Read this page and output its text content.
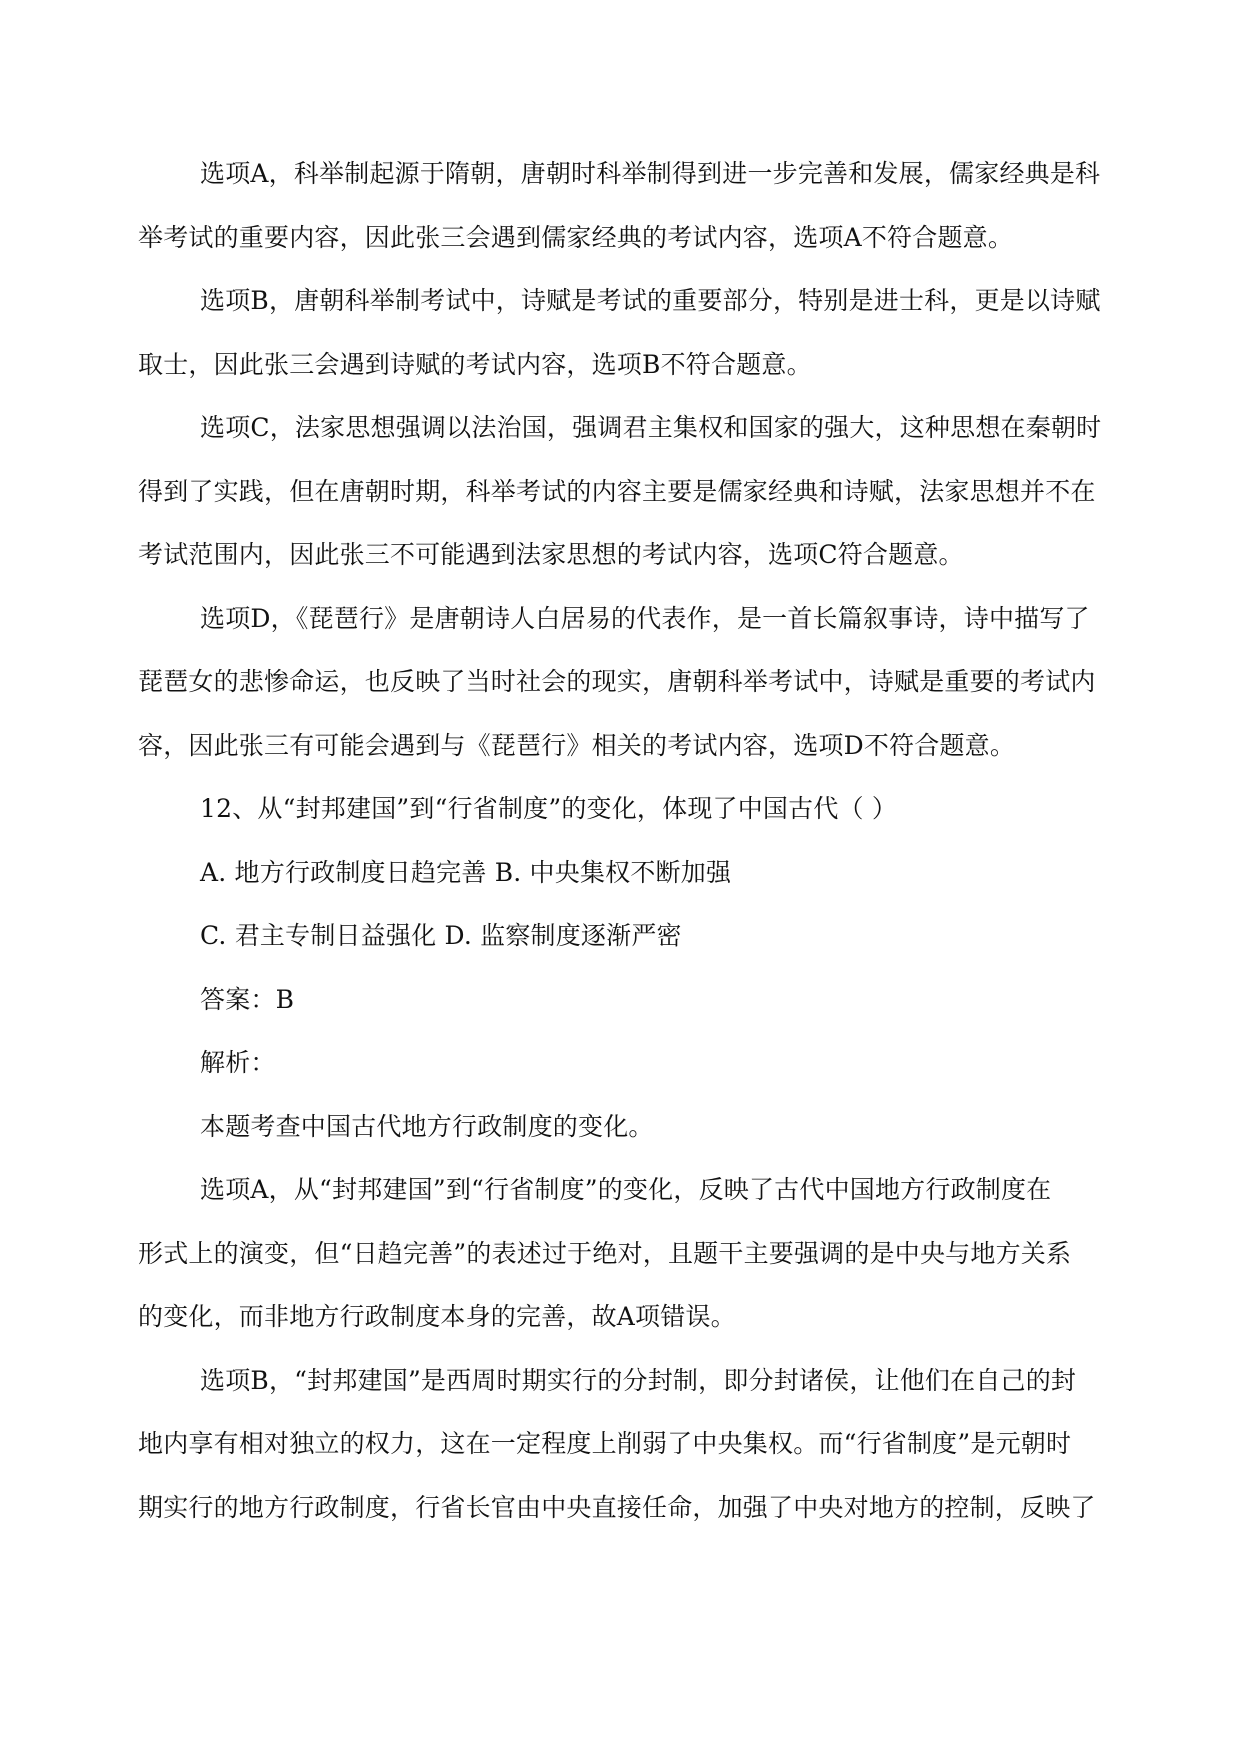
选项A，科举制起源于隋朝，唐朝时科举制得到进一步完善和发展，儒家经典是科

举考试的重要内容，因此张三会遇到儒家经典的考试内容，选项A不符合题意。

选项B，唐朝科举制考试中，诗赋是考试的重要部分，特别是进士科，更是以诗赋

取士，因此张三会遇到诗赋的考试内容，选项B不符合题意。

选项C，法家思想强调以法治国，强调君主集权和国家的强大，这种思想在秦朝时

得到了实践，但在唐朝时期，科举考试的内容主要是儒家经典和诗赋，法家思想并不在

考试范围内，因此张三不可能遇到法家思想的考试内容，选项C符合题意。

选项D，《琵琶行》是唐朝诗人白居易的代表作，是一首长篇叙事诗，诗中描写了

琵琶女的悲惨命运，也反映了当时社会的现实，唐朝科举考试中，诗赋是重要的考试内

容，因此张三有可能会遇到与《琵琶行》相关的考试内容，选项D不符合题意。

12、从“封邦建国”到“行省制度”的变化，体现了中国古代（ ）

A. 地方行政制度日趋完善 B. 中央集权不断加强

C. 君主专制日益强化 D. 监察制度逐渐严密

答案：B

解析：

本题考查中国古代地方行政制度的变化。

选项A，从“封邦建国”到“行省制度”的变化，反映了古代中国地方行政制度在

形式上的演变，但“日趋完善”的表述过于绝对，且题干主要强调的是中央与地方关系

的变化，而非地方行政制度本身的完善，故A项错误。

选项B，“封邦建国”是西周时期实行的分封制，即分封诸侯，让他们在自己的封

地内享有相对独立的权力，这在一定程度上削弱了中央集权。而“行省制度”是元朝时

期实行的地方行政制度，行省长官由中央直接任命，加强了中央对地方的控制，反映了
